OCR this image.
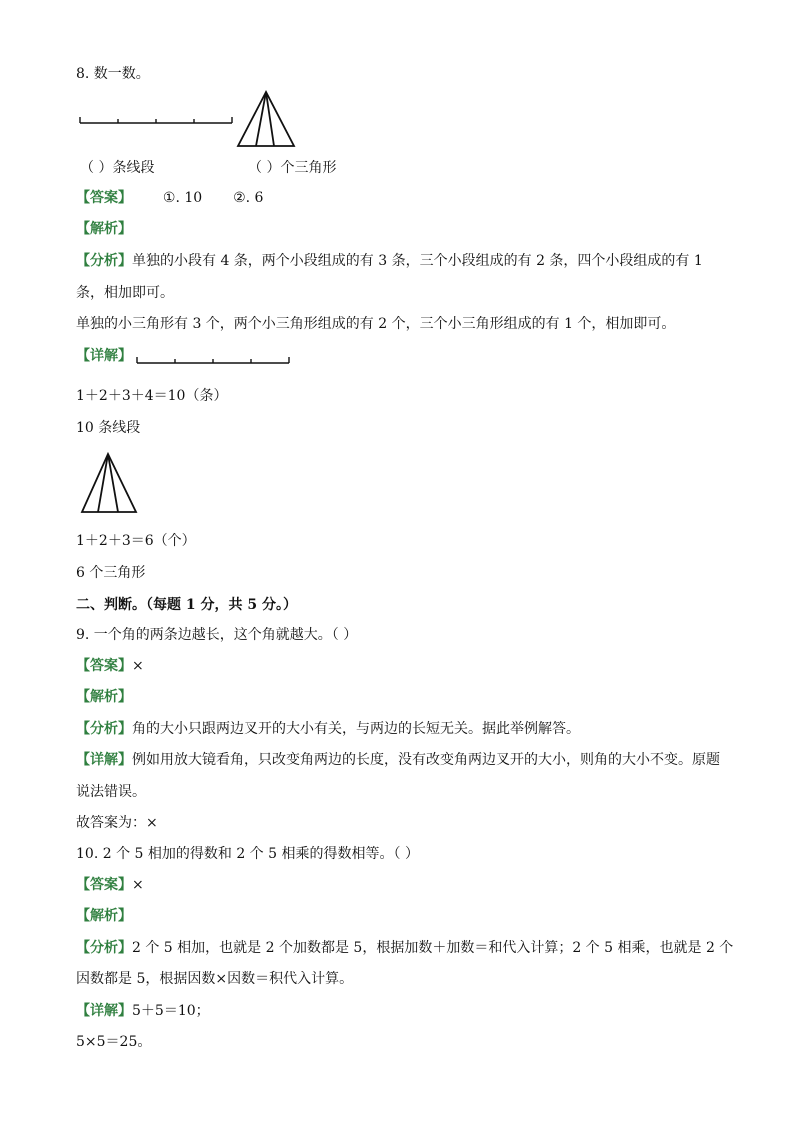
8. 数一数。
（ ）条线段	（ ）个三角形
【答案】 ①. 10 ②. 6
【解析】
【分析】单独的小段有 4 条，两个小段组成的有 3 条，三个小段组成的有 2 条，四个小段组成的有 1
条，相加即可。
单独的小三角形有 3 个，两个小三角形组成的有 2 个，三个小三角形组成的有 1 个，相加即可。
【详解】
1＋2＋3＋4＝10（条）
10 条线段
1＋2＋3＝6（个）
6 个三角形
二、判断。（每题 1 分，共 5 分。）
9. 一个角的两条边越长，这个角就越大。（ ）
【答案】×
【解析】
【分析】角的大小只跟两边叉开的大小有关，与两边的长短无关。据此举例解答。
【详解】例如用放大镜看角，只改变角两边的长度，没有改变角两边叉开的大小，则角的大小不变。原题
说法错误。
故答案为：×
10. 2 个 5 相加的得数和 2 个 5 相乘的得数相等。（ ）
【答案】×
【解析】
【分析】2 个 5 相加，也就是 2 个加数都是 5，根据加数＋加数＝和代入计算；2 个 5 相乘，也就是 2 个
因数都是 5，根据因数×因数＝积代入计算。
【详解】5＋5＝10；
5×5＝25。
